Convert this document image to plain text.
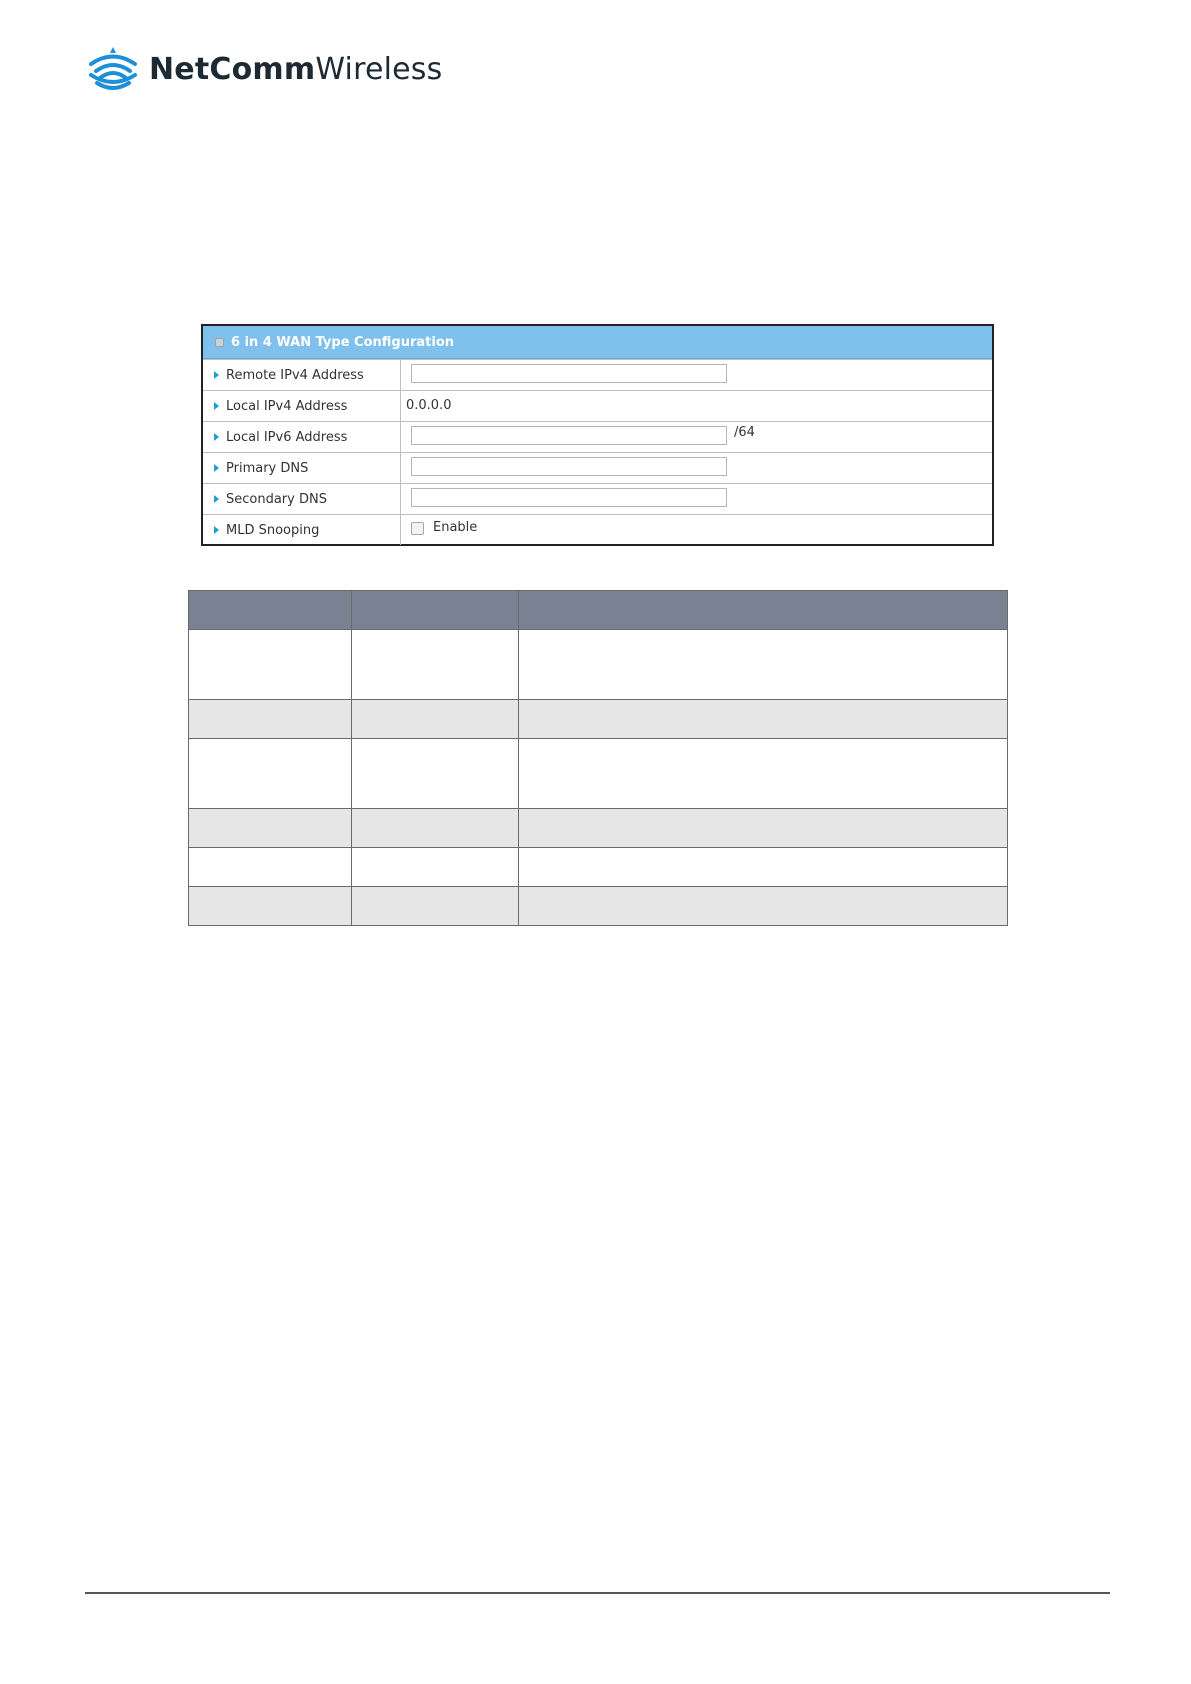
NetCommWireless
6 in 4 WAN Type Configuration
Remote IPv4 Address
Local IPv4 Address	0.0.0.0
Local IPv6 Address	/64
Primary DNS
Secondary DNS
MLD Snooping	Enable
